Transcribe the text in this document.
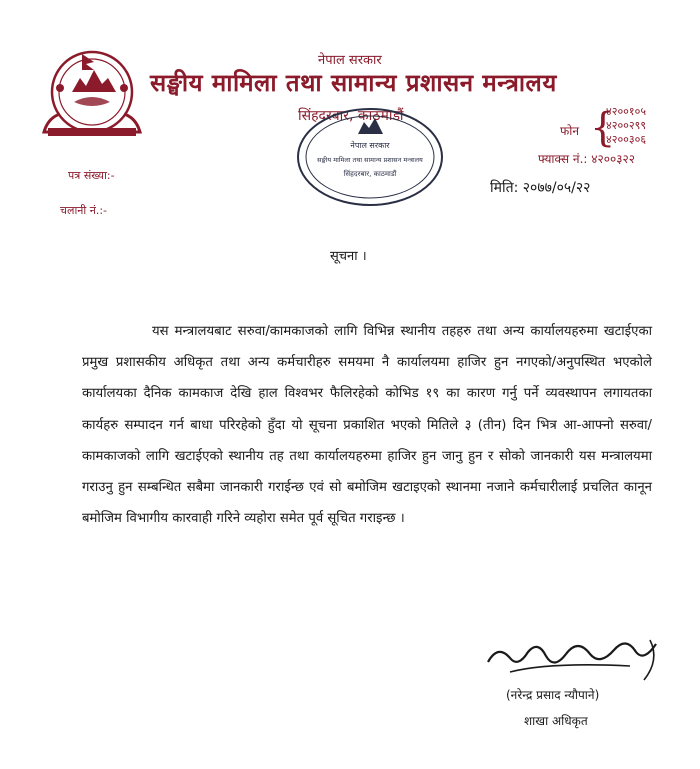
नेपाल सरकार
सङ्घीय मामिला तथा सामान्य प्रशासन मन्त्रालय
सिंहदरबार, काठमाडौं
फोन {
४२००१०५
४२००२९९
४२००३०६
फ्याक्स नं.: ४२००३२२
पत्र संख्या:-
चलानी नं.:-
मिति: २०७७/०५/२२
नेपाल सरकार
सङ्घीय मामिला तथा सामान्य प्रशासन मन्त्रालय
सिंहदरबार, काठमाडौं
सूचना ।

यस मन्त्रालयबाट सरुवा/कामकाजको लागि विभिन्न स्थानीय तहहरु तथा अन्य कार्यालयहरुमा खटाईएका प्रमुख प्रशासकीय अधिकृत तथा अन्य कर्मचारीहरु समयमा नै कार्यालयमा हाजिर हुन नगएको/अनुपस्थित भएकोले कार्यालयका दैनिक कामकाज देखि हाल विश्वभर फैलिरहेको कोभिड १९ का कारण गर्नु पर्ने व्यवस्थापन लगायतका कार्यहरु सम्पादन गर्न बाधा परिरहेको हुँदा यो सूचना प्रकाशित भएको मितिले ३ (तीन) दिन भित्र आ-आफ्नो सरुवा/कामकाजको लागि खटाईएको स्थानीय तह तथा कार्यालयहरुमा हाजिर हुन जानु हुन र सोको जानकारी यस मन्त्रालयमा गराउनु हुन सम्बन्धित सबैमा जानकारी गराईन्छ एवं सो बमोजिम खटाइएको स्थानमा नजाने कर्मचारीलाई प्रचलित कानून बमोजिम विभागीय कारवाही गरिने व्यहोरा समेत पूर्व सूचित गराइन्छ ।

(नरेन्द्र प्रसाद न्यौपाने)
शाखा अधिकृत
